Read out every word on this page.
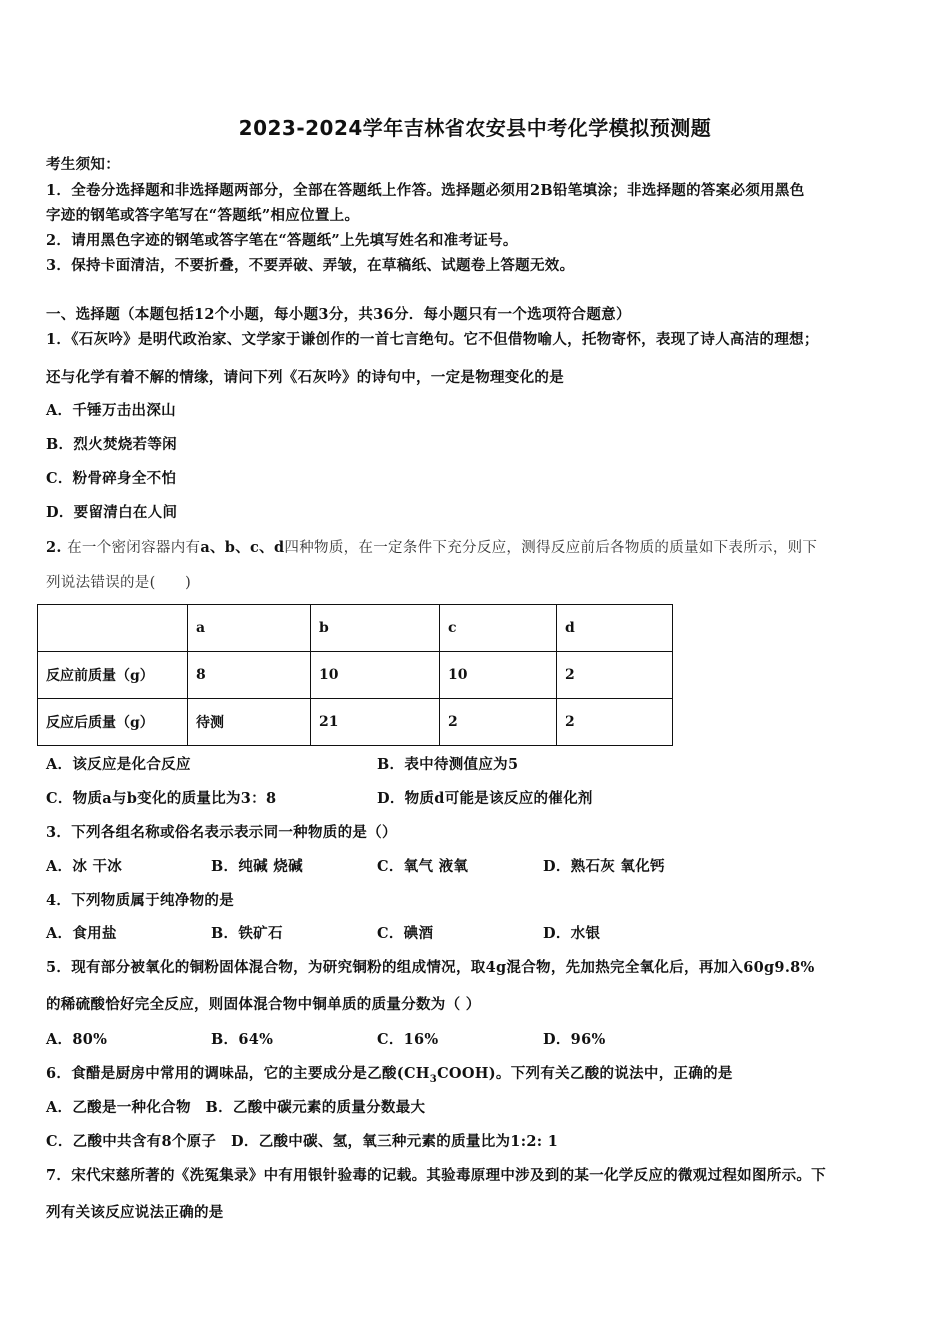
2023-2024学年吉林省农安县中考化学模拟预测题
考生须知：
1．全卷分选择题和非选择题两部分，全部在答题纸上作答。选择题必须用2B铅笔填涂；非选择题的答案必须用黑色
字迹的钢笔或答字笔写在“答题纸”相应位置上。
2．请用黑色字迹的钢笔或答字笔在“答题纸”上先填写姓名和准考证号。
3．保持卡面清洁，不要折叠，不要弄破、弄皱，在草稿纸、试题卷上答题无效。
一、选择题（本题包括12个小题，每小题3分，共36分．每小题只有一个选项符合题意）
1．《石灰吟》是明代政治家、文学家于谦创作的一首七言绝句。它不但借物喻人，托物寄怀，表现了诗人高洁的理想；
还与化学有着不解的情缘，请问下列《石灰吟》的诗句中，一定是物理变化的是
A．千锤万击出深山
B．烈火焚烧若等闲
C．粉骨碎身全不怕
D．要留清白在人间
2. 在一个密闭容器内有a、b、c、d四种物质，在一定条件下充分反应，测得反应前后各物质的质量如下表所示，则下
列说法错误的是(　　)
	a	b	c	d
反应前质量（g）	8	10	10	2
反应后质量（g）	待测	21	2	2
A．该反应是化合反应	B．表中待测值应为5
C．物质a与b变化的质量比为3：8	D．物质d可能是该反应的催化剂
3．下列各组名称或俗名表示表示同一种物质的是（）
A．冰 干冰	B．纯碱 烧碱	C．氧气 液氧	D．熟石灰 氧化钙
4．下列物质属于纯净物的是
A．食用盐	B．铁矿石	C．碘酒	D．水银
5．现有部分被氧化的铜粉固体混合物，为研究铜粉的组成情况，取4g混合物，先加热完全氧化后，再加入60g9.8%
的稀硫酸恰好完全反应，则固体混合物中铜单质的质量分数为（ ）
A．80%	B．64%	C．16%	D．96%
6．食醋是厨房中常用的调味品，它的主要成分是乙酸$(CH_3COOH)$。下列有关乙酸的说法中，正确的是
A．乙酸是一种化合物　B．乙酸中碳元素的质量分数最大
C．乙酸中共含有8个原子　D．乙酸中碳、氢，氧三种元素的质量比为1:2: 1
7．宋代宋慈所著的《洗冤集录》中有用银针验毒的记载。其验毒原理中涉及到的某一化学反应的微观过程如图所示。下
列有关该反应说法正确的是
